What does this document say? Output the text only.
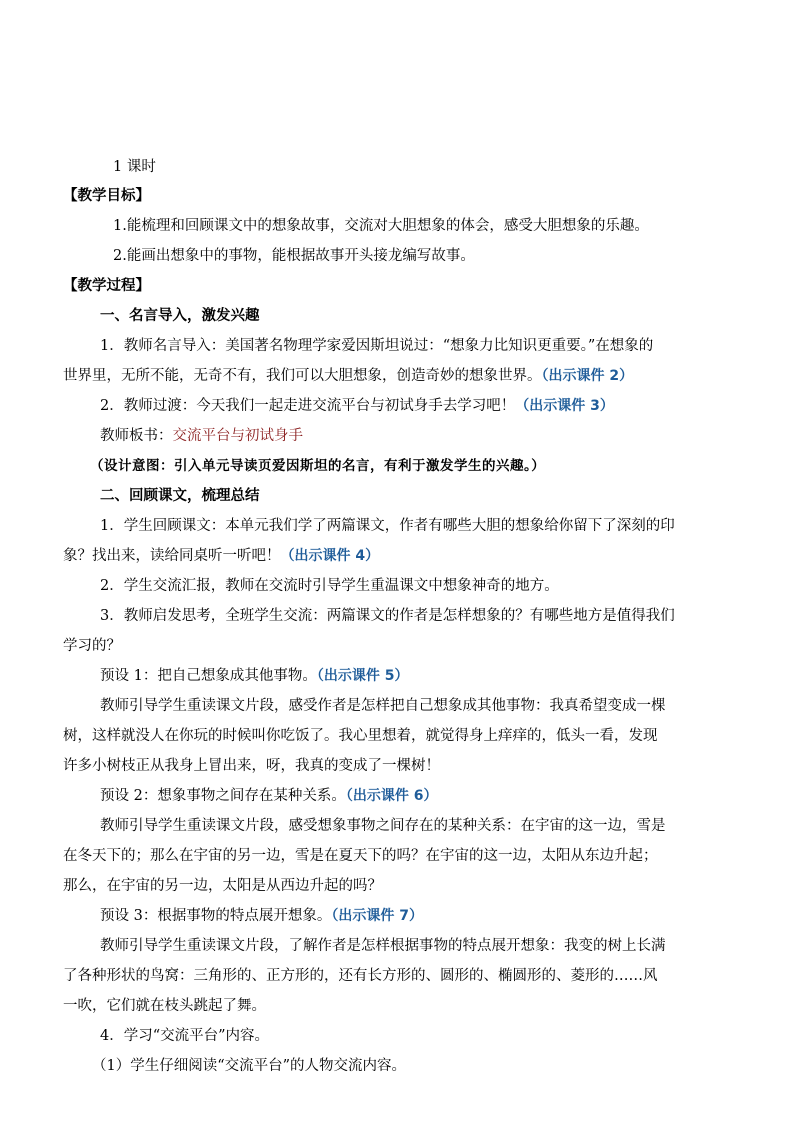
1 课时
【教学目标】
1.能梳理和回顾课文中的想象故事，交流对大胆想象的体会，感受大胆想象的乐趣。
2.能画出想象中的事物，能根据故事开头接龙编写故事。
【教学过程】
一、名言导入，激发兴趣
1．教师名言导入：美国著名物理学家爱因斯坦说过：“想象力比知识更重要。”在想象的
世界里，无所不能，无奇不有，我们可以大胆想象，创造奇妙的想象世界。（出示课件 2）
2．教师过渡：今天我们一起走进交流平台与初试身手去学习吧！（出示课件 3）
教师板书：交流平台与初试身手
（设计意图：引入单元导读页爱因斯坦的名言，有利于激发学生的兴趣。）
二、回顾课文，梳理总结
1．学生回顾课文：本单元我们学了两篇课文，作者有哪些大胆的想象给你留下了深刻的印
象？找出来，读给同桌听一听吧！（出示课件 4）
2．学生交流汇报，教师在交流时引导学生重温课文中想象神奇的地方。
3．教师启发思考，全班学生交流：两篇课文的作者是怎样想象的？有哪些地方是值得我们
学习的？
预设 1：把自己想象成其他事物。（出示课件 5）
教师引导学生重读课文片段，感受作者是怎样把自己想象成其他事物：我真希望变成一棵
树，这样就没人在你玩的时候叫你吃饭了。我心里想着，就觉得身上痒痒的，低头一看，发现
许多小树枝正从我身上冒出来，呀，我真的变成了一棵树！
预设 2：想象事物之间存在某种关系。（出示课件 6）
教师引导学生重读课文片段，感受想象事物之间存在的某种关系：在宇宙的这一边，雪是
在冬天下的；那么在宇宙的另一边，雪是在夏天下的吗？在宇宙的这一边，太阳从东边升起；
那么，在宇宙的另一边，太阳是从西边升起的吗？
预设 3：根据事物的特点展开想象。（出示课件 7）
教师引导学生重读课文片段，了解作者是怎样根据事物的特点展开想象：我变的树上长满
了各种形状的鸟窝：三角形的、正方形的，还有长方形的、圆形的、椭圆形的、菱形的……风
一吹，它们就在枝头跳起了舞。
4．学习“交流平台”内容。
（1）学生仔细阅读“交流平台”的人物交流内容。
